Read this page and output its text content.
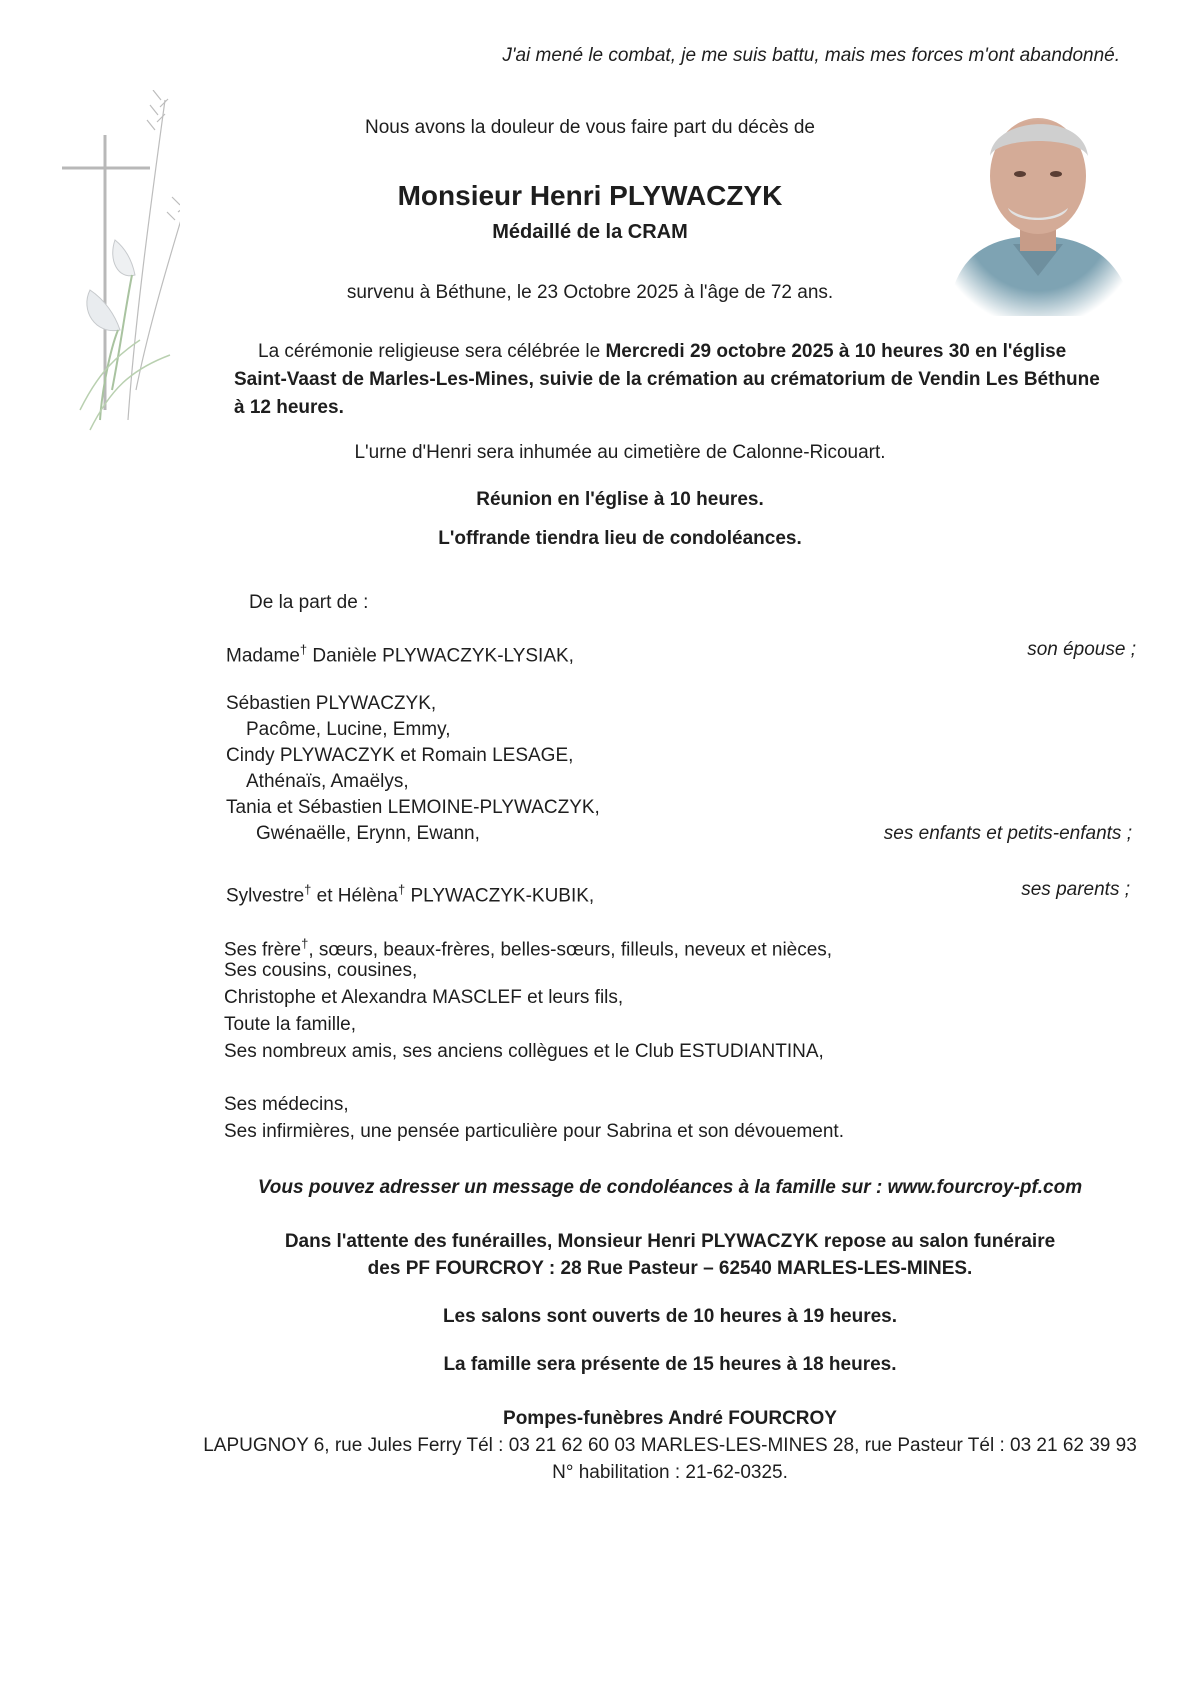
J'ai mené le combat, je me suis battu, mais mes forces m'ont abandonné.
Nous avons la douleur de vous faire part du décès de
Monsieur Henri PLYWACZYK
Médaillé de la CRAM
survenu à Béthune, le 23 Octobre 2025 à l'âge de 72 ans.
La cérémonie religieuse sera célébrée le Mercredi 29 octobre 2025 à 10 heures 30 en l'église
Saint-Vaast de Marles-Les-Mines, suivie de la crémation au crématorium de Vendin Les Béthune
à 12 heures.
L'urne d'Henri sera inhumée au cimetière de Calonne-Ricouart.
Réunion en l'église à 10 heures.
L'offrande tiendra lieu de condoléances.
De la part de :
Madame† Danièle PLYWACZYK-LYSIAK,	son épouse ;
Sébastien PLYWACZYK,
Pacôme, Lucine, Emmy,
Cindy PLYWACZYK et Romain LESAGE,
Athénaïs, Amaëlys,
Tania et Sébastien LEMOINE-PLYWACZYK,
Gwénaëlle, Erynn, Ewann,	ses enfants et petits-enfants ;
Sylvestre† et Hélèna† PLYWACZYK-KUBIK,	ses parents ;
Ses frère†, sœurs, beaux-frères, belles-sœurs, filleuls, neveux et nièces,
Ses cousins, cousines,
Christophe et Alexandra MASCLEF et leurs fils,
Toute la famille,
Ses nombreux amis, ses anciens collègues et le Club ESTUDIANTINA,
Ses médecins,
Ses infirmières, une pensée particulière pour Sabrina et son dévouement.
Vous pouvez adresser un message de condoléances à la famille sur : www.fourcroy-pf.com
Dans l'attente des funérailles, Monsieur Henri PLYWACZYK repose au salon funéraire
des PF FOURCROY : 28 Rue Pasteur – 62540 MARLES-LES-MINES.
Les salons sont ouverts de 10 heures à 19 heures.
La famille sera présente de 15 heures à 18 heures.
Pompes-funèbres André FOURCROY
LAPUGNOY 6, rue Jules Ferry Tél : 03 21 62 60 03 MARLES-LES-MINES 28, rue Pasteur Tél : 03 21 62 39 93
N° habilitation : 21-62-0325.
